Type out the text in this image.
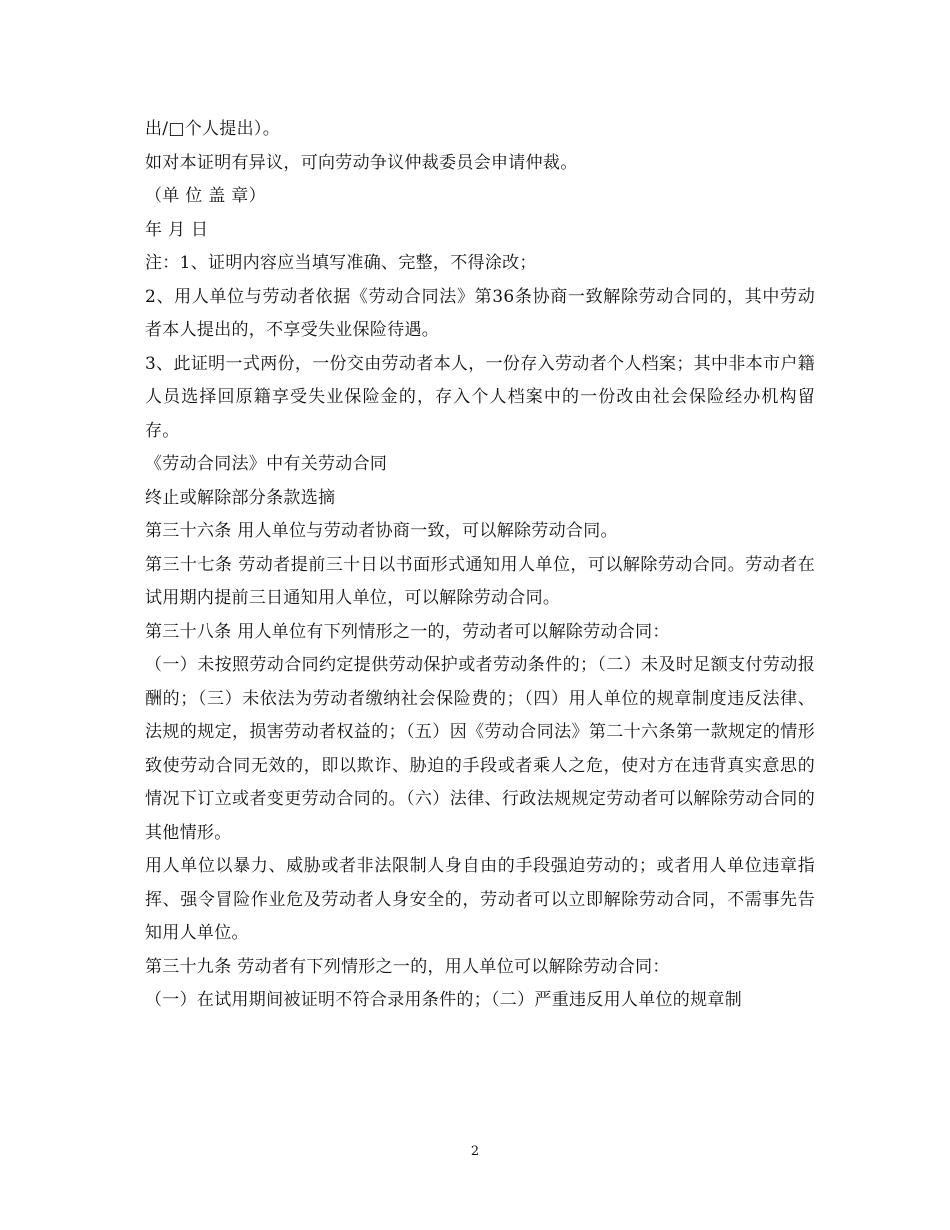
出/□个人提出）。

如对本证明有异议，可向劳动争议仲裁委员会申请仲裁。

（单 位 盖 章）

年 月 日

注：1、证明内容应当填写准确、完整，不得涂改；

2、用人单位与劳动者依据《劳动合同法》第36条协商一致解除劳动合同的，其中劳动者本人提出的，不享受失业保险待遇。

3、此证明一式两份，一份交由劳动者本人，一份存入劳动者个人档案；其中非本市户籍人员选择回原籍享受失业保险金的，存入个人档案中的一份改由社会保险经办机构留存。

《劳动合同法》中有关劳动合同

终止或解除部分条款选摘

第三十六条 用人单位与劳动者协商一致，可以解除劳动合同。

第三十七条 劳动者提前三十日以书面形式通知用人单位，可以解除劳动合同。劳动者在试用期内提前三日通知用人单位，可以解除劳动合同。

第三十八条 用人单位有下列情形之一的，劳动者可以解除劳动合同：

（一）未按照劳动合同约定提供劳动保护或者劳动条件的；（二）未及时足额支付劳动报酬的；（三）未依法为劳动者缴纳社会保险费的；（四）用人单位的规章制度违反法律、法规的规定，损害劳动者权益的；（五）因《劳动合同法》第二十六条第一款规定的情形致使劳动合同无效的，即以欺诈、胁迫的手段或者乘人之危，使对方在违背真实意思的情况下订立或者变更劳动合同的。（六）法律、行政法规规定劳动者可以解除劳动合同的其他情形。

用人单位以暴力、威胁或者非法限制人身自由的手段强迫劳动的；或者用人单位违章指挥、强令冒险作业危及劳动者人身安全的，劳动者可以立即解除劳动合同，不需事先告知用人单位。

第三十九条 劳动者有下列情形之一的，用人单位可以解除劳动合同：

（一）在试用期间被证明不符合录用条件的；（二）严重违反用人单位的规章制

2
